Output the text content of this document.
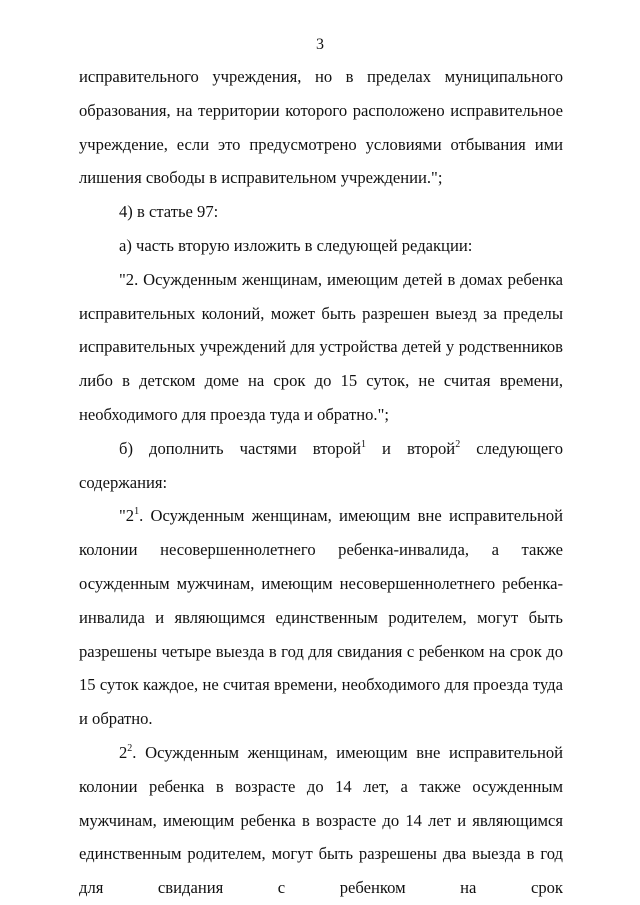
3

исправительного учреждения, но в пределах муниципального образования, на территории которого расположено исправительное учреждение, если это предусмотрено условиями отбывания ими лишения свободы в исправительном учреждении.";

4) в статье 97:

а) часть вторую изложить в следующей редакции:

"2. Осужденным женщинам, имеющим детей в домах ребенка исправительных колоний, может быть разрешен выезд за пределы исправительных учреждений для устройства детей у родственников либо в детском доме на срок до 15 суток, не считая времени, необходимого для проезда туда и обратно.";

б) дополнить частями второй$^1$ и второй$^2$ следующего содержания:

"$2^1$. Осужденным женщинам, имеющим вне исправительной колонии несовершеннолетнего ребенка-инвалида, а также осужденным мужчинам, имеющим несовершеннолетнего ребенка-инвалида и являющимся единственным родителем, могут быть разрешены четыре выезда в год для свидания с ребенком на срок до 15 суток каждое, не считая времени, необходимого для проезда туда и обратно.

$2^2$. Осужденным женщинам, имеющим вне исправительной колонии ребенка в возрасте до 14 лет, а также осужденным мужчинам, имеющим ребенка в возрасте до 14 лет и являющимся единственным родителем, могут быть разрешены два выезда в год для свидания с ребенком на срок
